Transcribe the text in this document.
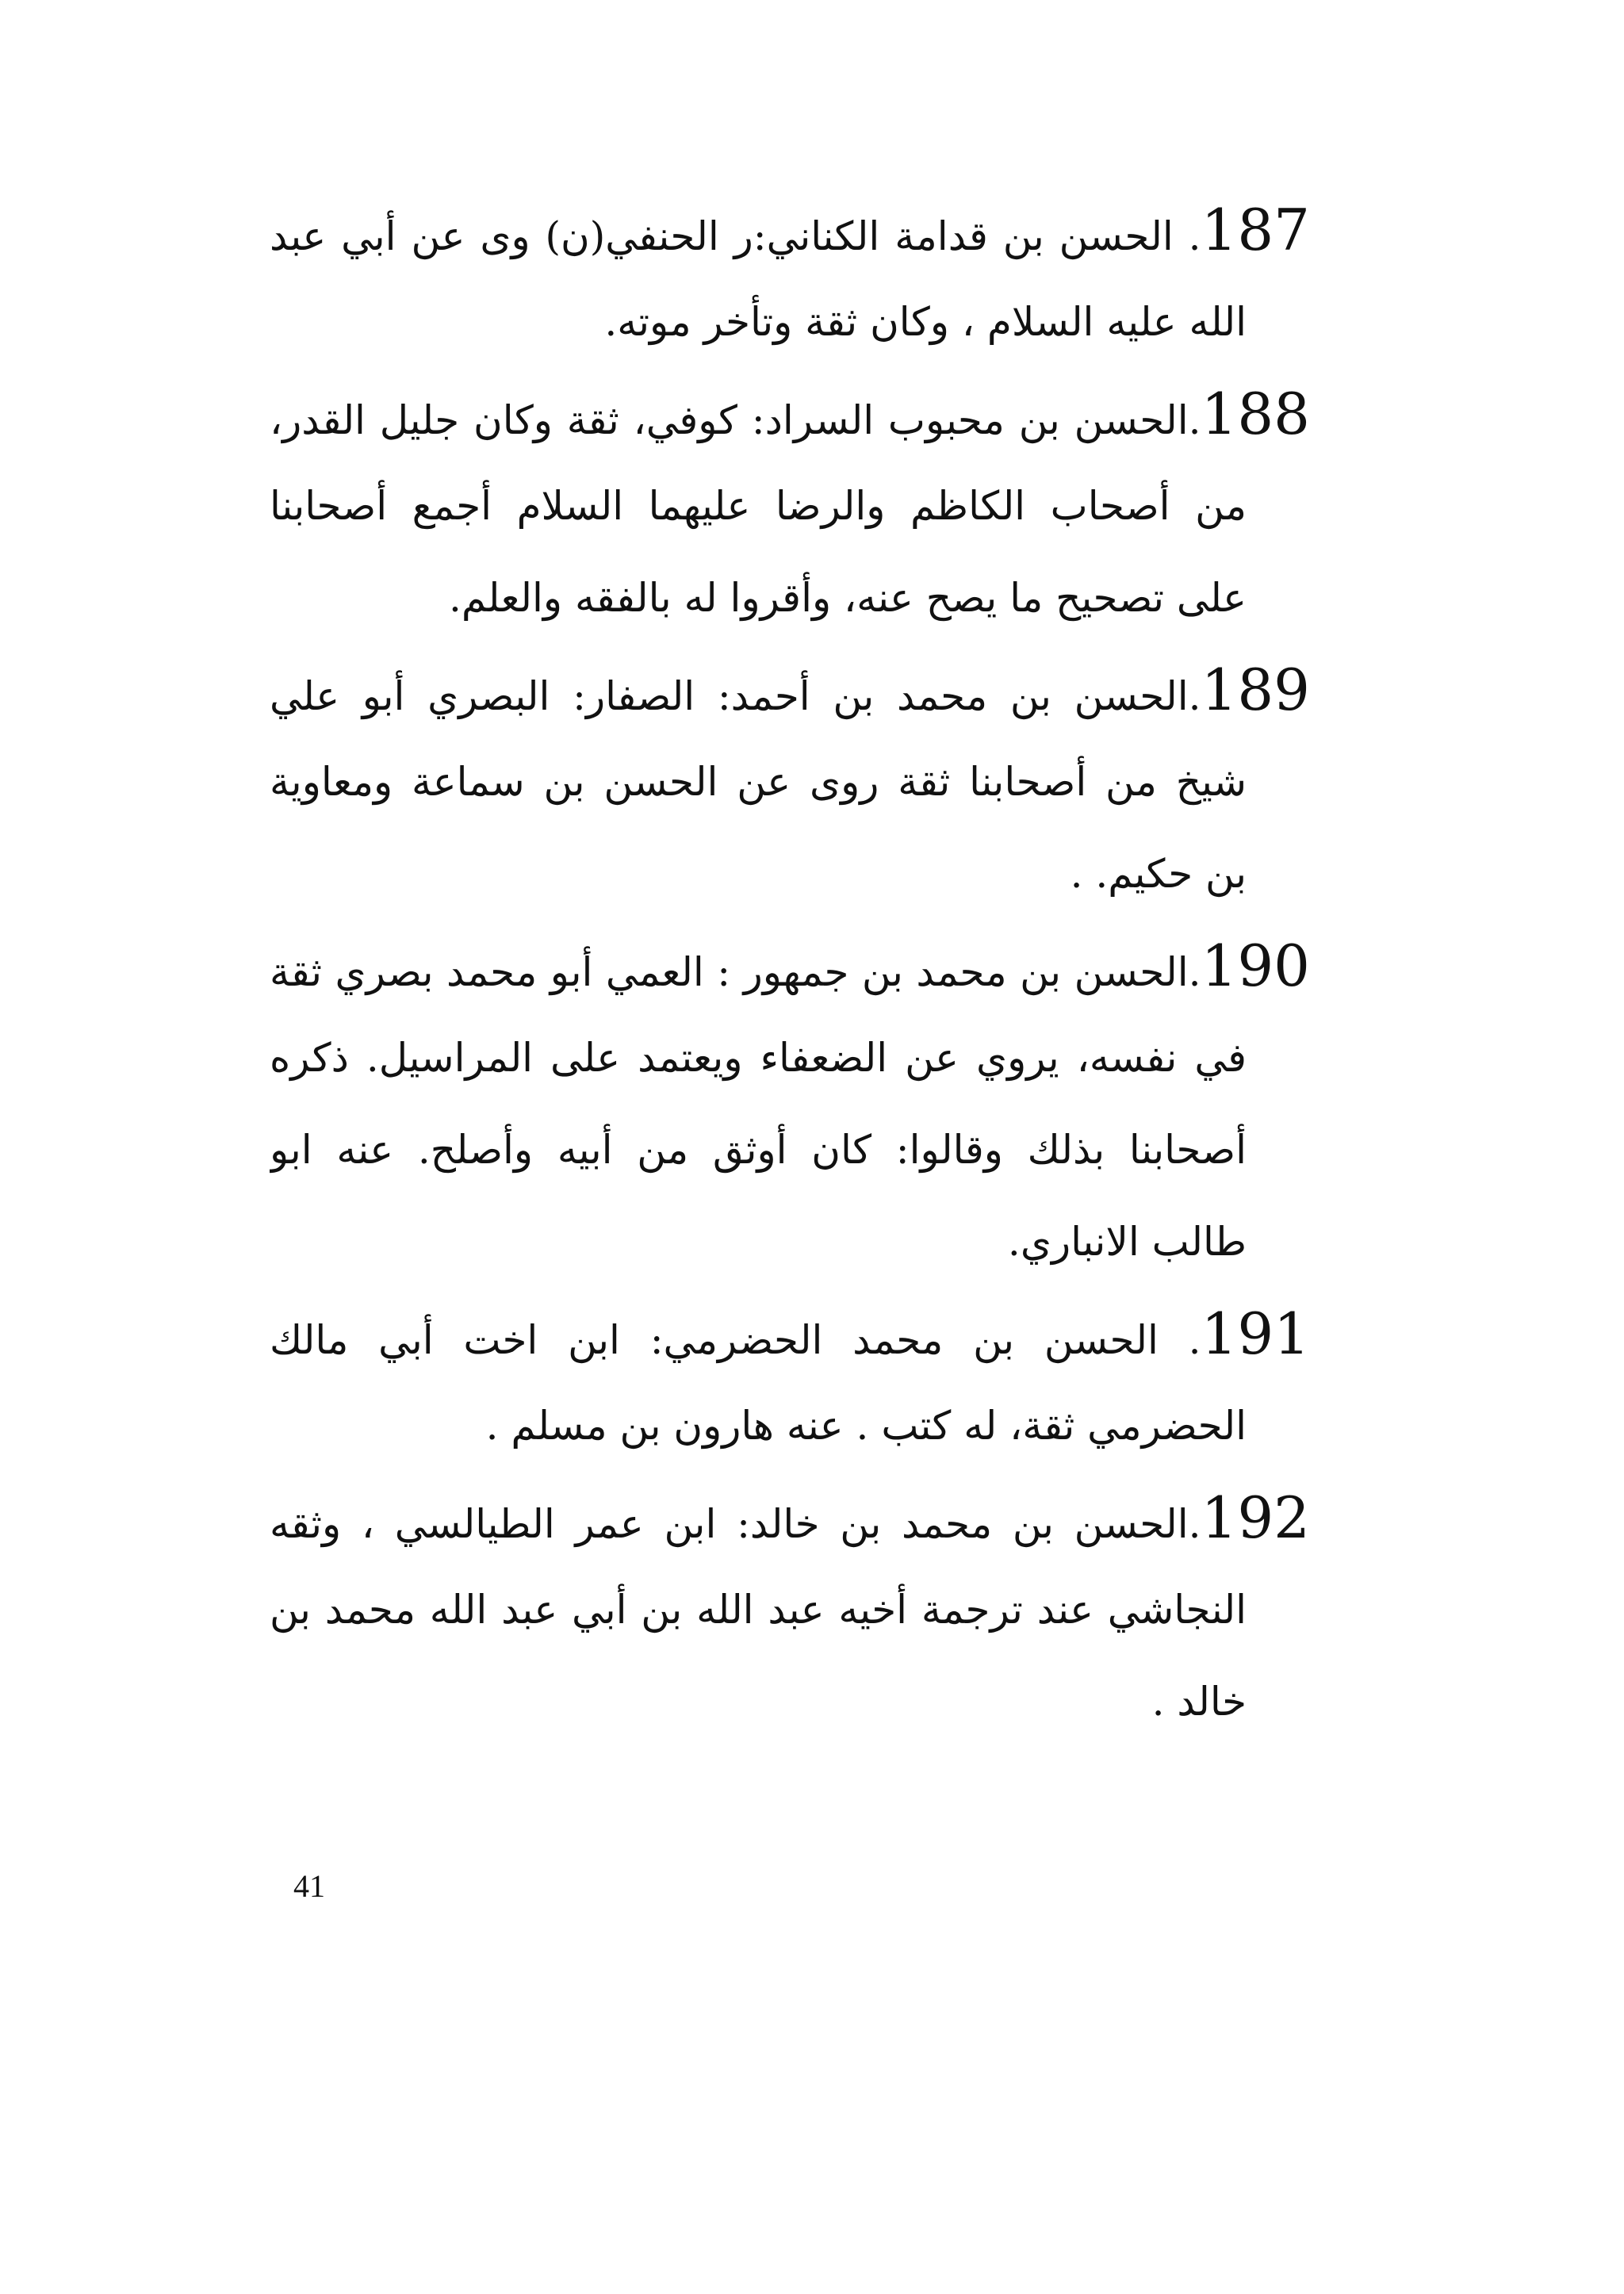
187. الحسن بن قدامة الكناني:ر الحنفي(ن) وى عن أبي عبد
الله عليه السلام ، وكان ثقة وتأخر موته.
188.الحسن بن محبوب السراد: كوفي، ثقة وكان جليل القدر،
من أصحاب الكاظم والرضا عليهما السلام أجمع أصحابنا
على تصحيح ما يصح عنه، وأقروا له بالفقه والعلم.
189.الحسن بن محمد بن أحمد: الصفار: البصري أبو علي
شيخ من أصحابنا ثقة روى عن الحسن بن سماعة ومعاوية
بن حكيم. .
190.الحسن بن محمد بن جمهور : العمي أبو محمد بصري ثقة
في نفسه، يروي عن الضعفاء ويعتمد على المراسيل. ذكره
أصحابنا بذلك وقالوا: كان أوثق من أبيه وأصلح. عنه ابو
طالب الانباري.
191. الحسن بن محمد الحضرمي: ابن اخت أبي مالك
الحضرمي ثقة، له كتب . عنه هارون بن مسلم .
192.الحسن بن محمد بن خالد: ابن عمر الطيالسي ، وثقه
النجاشي عند ترجمة أخيه عبد الله بن أبي عبد الله محمد بن
خالد .
41
